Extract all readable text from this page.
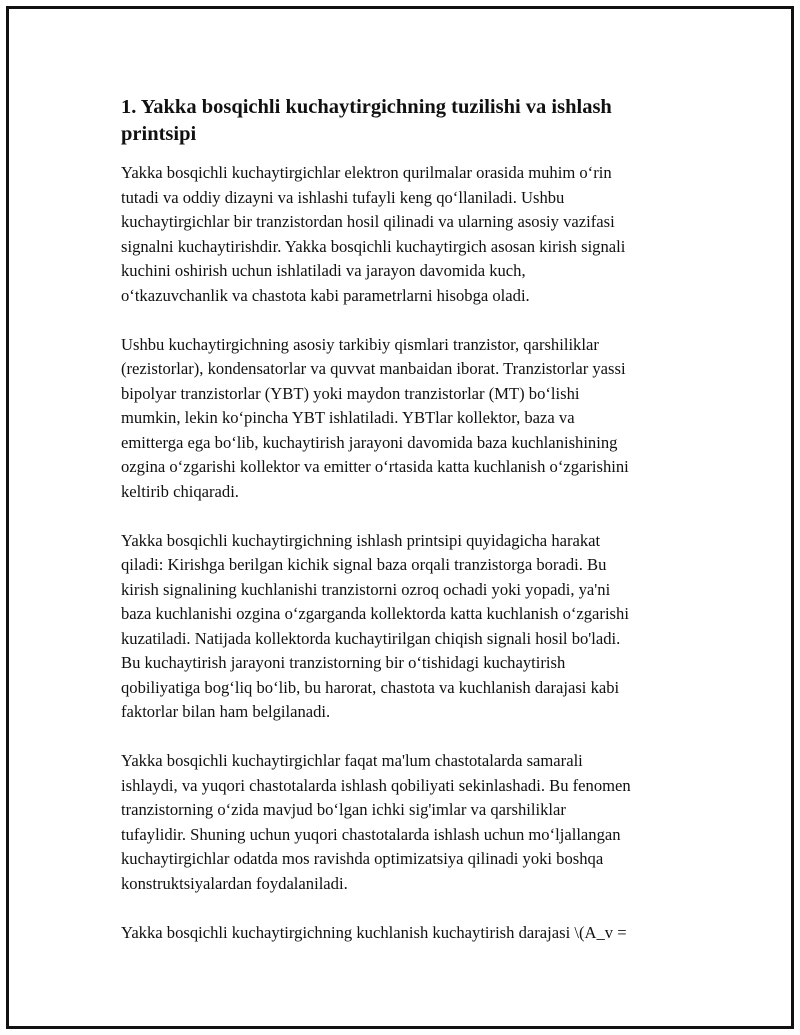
1. Yakka bosqichli kuchaytirgichning tuzilishi va ishlash printsipi

Yakka bosqichli kuchaytirgichlar elektron qurilmalar orasida muhim o‘rin
tutadi va oddiy dizayni va ishlashi tufayli keng qo‘llaniladi. Ushbu
kuchaytirgichlar bir tranzistordan hosil qilinadi va ularning asosiy vazifasi
signalni kuchaytirishdir. Yakka bosqichli kuchaytirgich asosan kirish signali
kuchini oshirish uchun ishlatiladi va jarayon davomida kuch,
o‘tkazuvchanlik va chastota kabi parametrlarni hisobga oladi.

Ushbu kuchaytirgichning asosiy tarkibiy qismlari tranzistor, qarshiliklar
(rezistorlar), kondensatorlar va quvvat manbaidan iborat. Tranzistorlar yassi
bipolyar tranzistorlar (YBT) yoki maydon tranzistorlar (MT) bo‘lishi
mumkin, lekin ko‘pincha YBT ishlatiladi. YBTlar kollektor, baza va
emitterga ega bo‘lib, kuchaytirish jarayoni davomida baza kuchlanishining
ozgina o‘zgarishi kollektor va emitter o‘rtasida katta kuchlanish o‘zgarishini
keltirib chiqaradi.

Yakka bosqichli kuchaytirgichning ishlash printsipi quyidagicha harakat
qiladi: Kirishga berilgan kichik signal baza orqali tranzistorga boradi. Bu
kirish signalining kuchlanishi tranzistorni ozroq ochadi yoki yopadi, ya'ni
baza kuchlanishi ozgina o‘zgarganda kollektorda katta kuchlanish o‘zgarishi
kuzatiladi. Natijada kollektorda kuchaytirilgan chiqish signali hosil bo'ladi.
Bu kuchaytirish jarayoni tranzistorning bir o‘tishidagi kuchaytirish
qobiliyatiga bog‘liq bo‘lib, bu harorat, chastota va kuchlanish darajasi kabi
faktorlar bilan ham belgilanadi.

Yakka bosqichli kuchaytirgichlar faqat ma'lum chastotalarda samarali
ishlaydi, va yuqori chastotalarda ishlash qobiliyati sekinlashadi. Bu fenomen
tranzistorning o‘zida mavjud bo‘lgan ichki sig'imlar va qarshiliklar
tufaylidir. Shuning uchun yuqori chastotalarda ishlash uchun mo‘ljallangan
kuchaytirgichlar odatda mos ravishda optimizatsiya qilinadi yoki boshqa
konstruktsiyalardan foydalaniladi.

Yakka bosqichli kuchaytirgichning kuchlanish kuchaytirish darajasi \(A_v =
